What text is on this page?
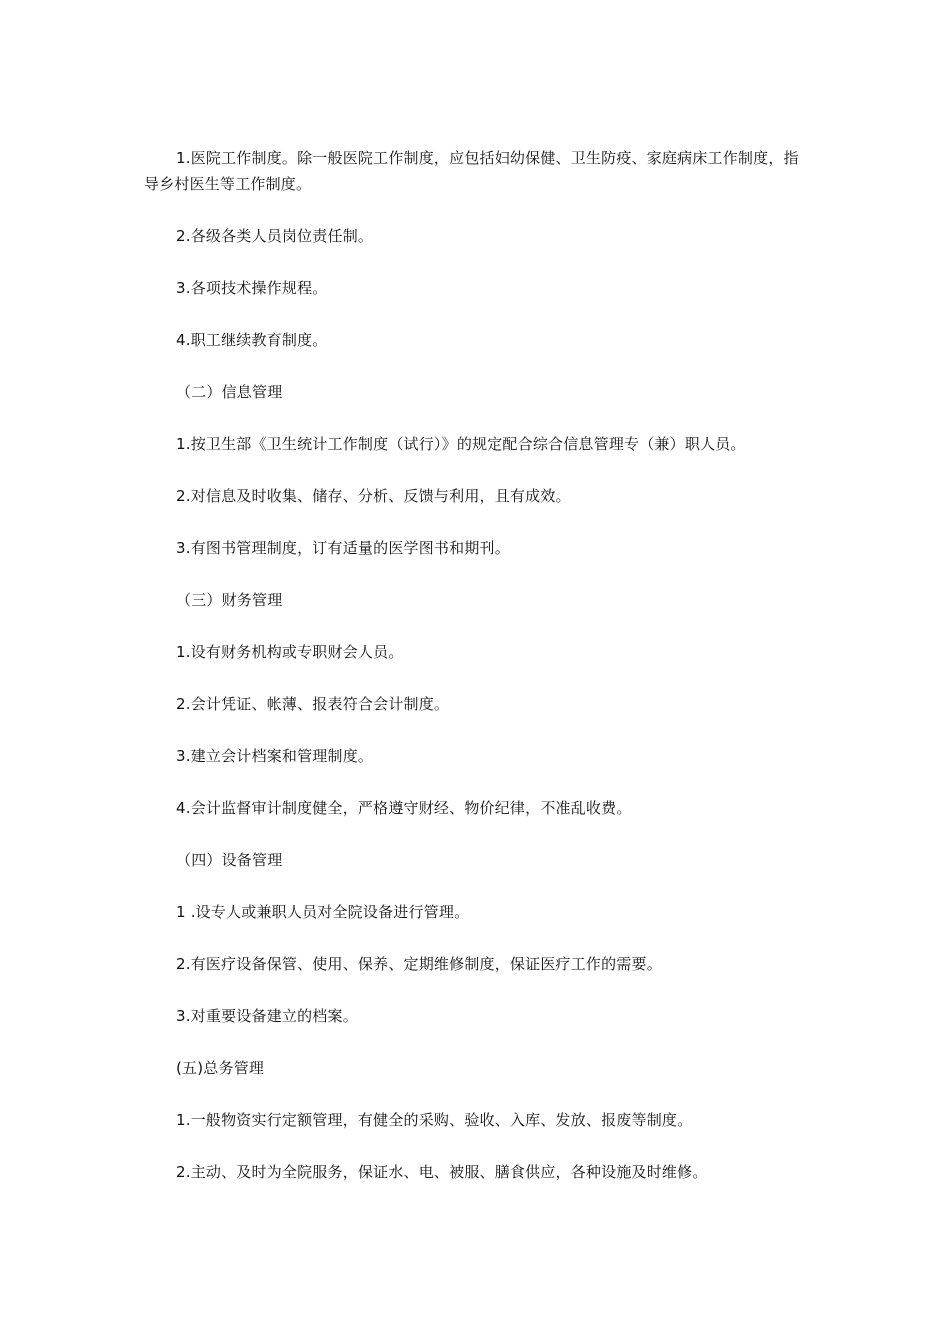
1.医院工作制度。除一般医院工作制度，应包括妇幼保健、卫生防疫、家庭病床工作制度，指导乡村医生等工作制度。

2.各级各类人员岗位责任制。

3.各项技术操作规程。

4.职工继续教育制度。

（二）信息管理

1.按卫生部《卫生统计工作制度（试行）》的规定配合综合信息管理专（兼）职人员。

2.对信息及时收集、储存、分析、反馈与利用，且有成效。

3.有图书管理制度，订有适量的医学图书和期刊。

（三）财务管理

1.设有财务机构或专职财会人员。

2.会计凭证、帐薄、报表符合会计制度。

3.建立会计档案和管理制度。

4.会计监督审计制度健全，严格遵守财经、物价纪律，不准乱收费。

（四）设备管理

1 .设专人或兼职人员对全院设备进行管理。

2.有医疗设备保管、使用、保养、定期维修制度，保证医疗工作的需要。

3.对重要设备建立的档案。

(五)总务管理

1.一般物资实行定额管理，有健全的采购、验收、入库、发放、报废等制度。

2.主动、及时为全院服务，保证水、电、被服、膳食供应，各种设施及时维修。
